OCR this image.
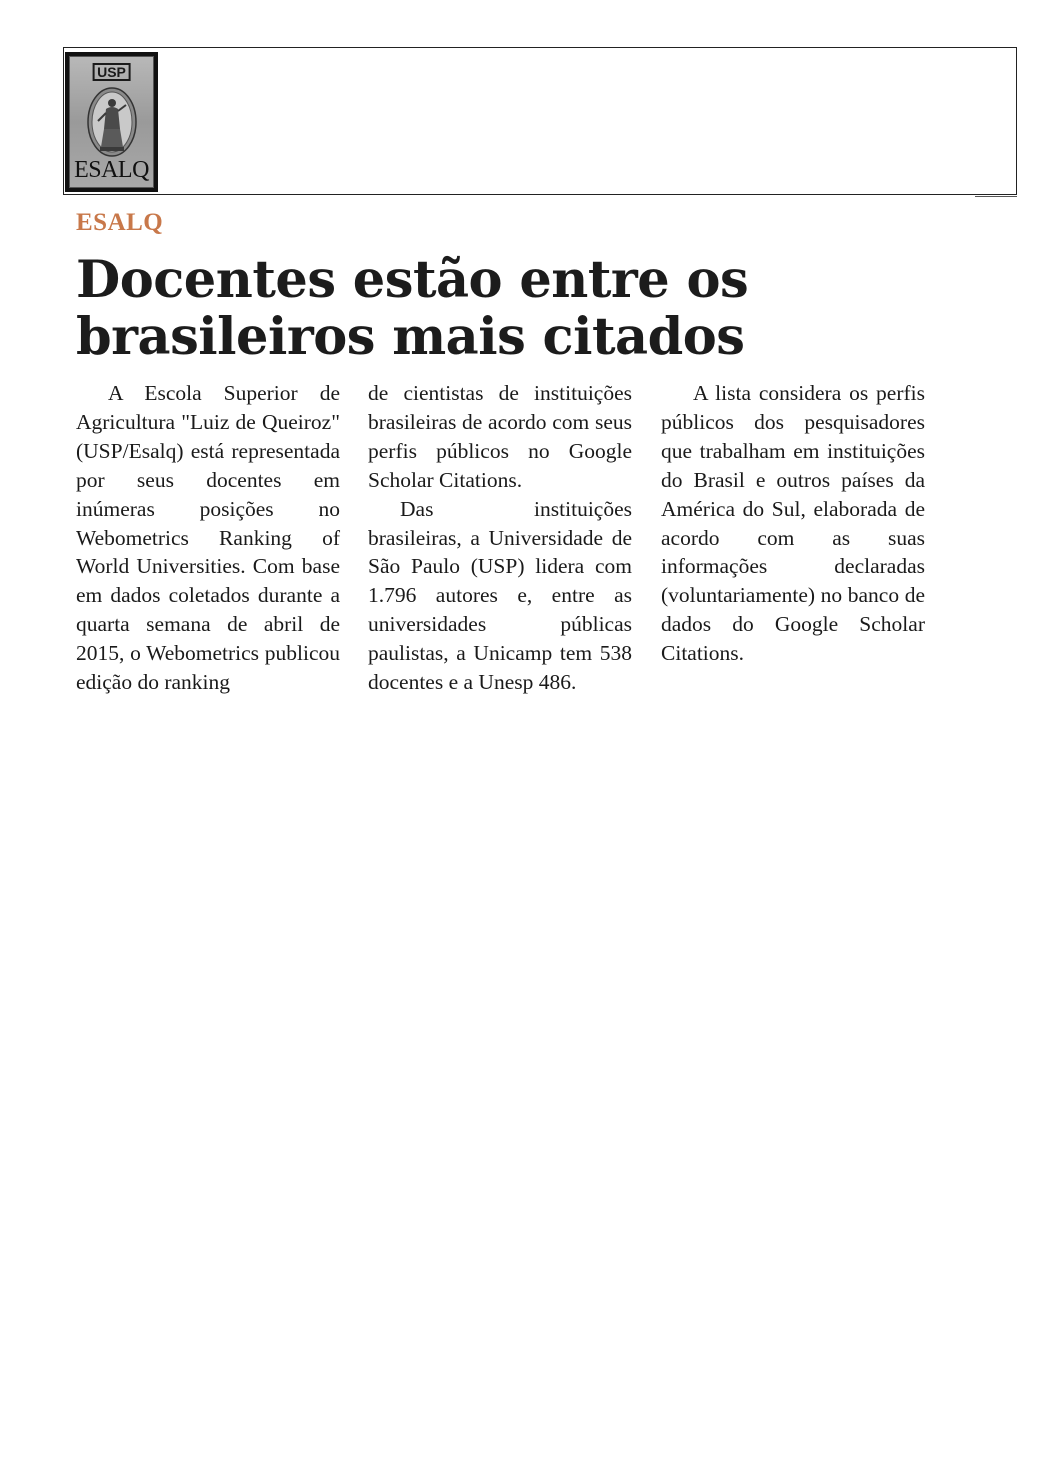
USP
ESALQ
ESALQ
Docentes estão entre os brasileiros mais citados

A Escola Superior de Agricultura "Luiz de Queiroz" (USP/Esalq) está representada por seus docentes em inúmeras posições no Webometrics Ranking of World Universities. Com base em dados coletados durante a quarta semana de abril de 2015, o Webometrics publicou edição do ranking

de cientistas de instituições brasileiras de acordo com seus perfis públicos no Google Scholar Citations.

Das instituições brasileiras, a Universidade de São Paulo (USP) lidera com 1.796 autores e, entre as universidades públicas paulistas, a Unicamp tem 538 docentes e a Unesp 486.

A lista considera os perfis públicos dos pesquisadores que trabalham em instituições do Brasil e outros países da América do Sul, elaborada de acordo com as suas informações declaradas (voluntariamente) no banco de dados do Google Scholar Citations.
